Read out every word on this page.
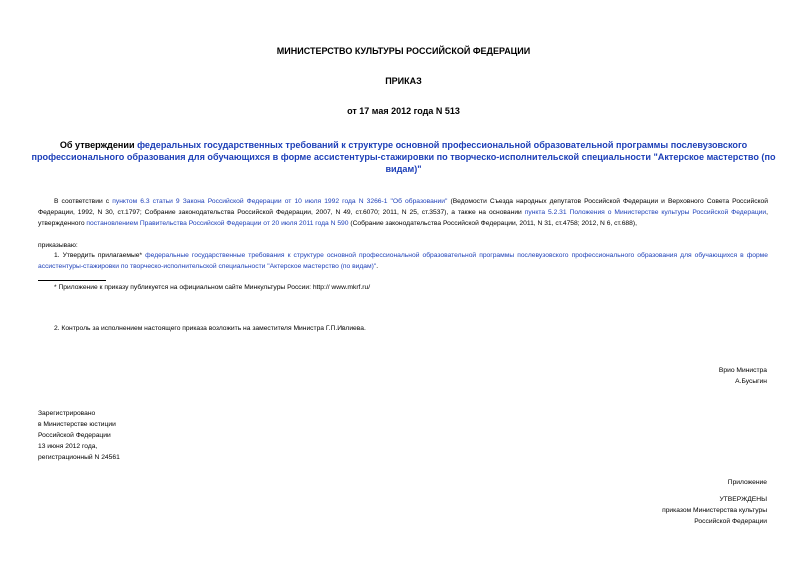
МИНИСТЕРСТВО КУЛЬТУРЫ РОССИЙСКОЙ ФЕДЕРАЦИИ
ПРИКАЗ
от 17 мая 2012 года N 513
Об утверждении федеральных государственных требований к структуре основной профессиональной образовательной программы послевузовского профессионального образования для обучающихся в форме ассистентуры-стажировки по творческо-исполнительской специальности "Актерское мастерство (по видам)"
В соответствии с пунктом 6.3 статьи 9 Закона Российской Федерации от 10 июля 1992 года N 3266-1 "Об образовании" (Ведомости Съезда народных депутатов Российской Федерации и Верховного Совета Российской Федерации, 1992, N 30, ст.1797; Собрание законодательства Российской Федерации, 2007, N 49, ст.6070; 2011, N 25, ст.3537), а также на основании пункта 5.2.31 Положения о Министерстве культуры Российской Федерации, утвержденного постановлением Правительства Российской Федерации от 20 июля 2011 года N 590 (Собрание законодательства Российской Федерации, 2011, N 31, ст.4758; 2012, N 6, ст.688),
приказываю:
1. Утвердить прилагаемые* федеральные государственные требования к структуре основной профессиональной образовательной программы послевузовского профессионального образования для обучающихся в форме ассистентуры-стажировки по творческо-исполнительской специальности "Актерское мастерство (по видам)".
* Приложение к приказу публикуется на официальном сайте Минкультуры России: http:// www.mkrf.ru/
2. Контроль за исполнением настоящего приказа возложить на заместителя Министра Г.П.Ивлиева.
Врио Министра
А.Бусыгин
Зарегистрировано
в Министерстве юстиции
Российской Федерации
13 июня 2012 года,
регистрационный N 24561
Приложение
УТВЕРЖДЕНЫ
приказом Министерства культуры
Российской Федерации
